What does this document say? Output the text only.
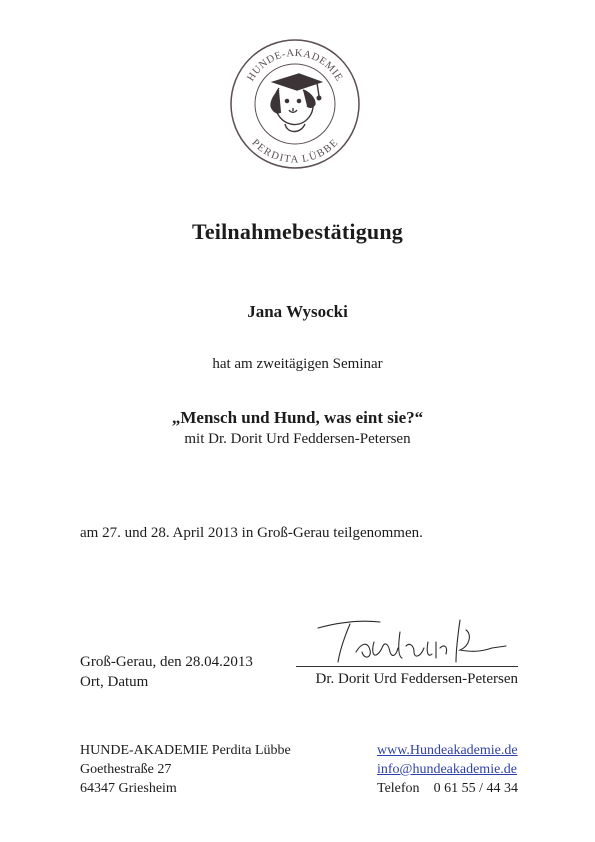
HUNDE-AKADEMIE
PERDITA LÜBBE
Teilnahmebestätigung
Jana Wysocki
hat am zweitägigen Seminar
„Mensch und Hund, was eint sie?“
mit Dr. Dorit Urd Feddersen-Petersen
am 27. und 28. April 2013 in Groß-Gerau teilgenommen.
Groß-Gerau, den 28.04.2013
Ort, Datum	Dr. Dorit Urd Feddersen-Petersen
HUNDE-AKADEMIE Perdita Lübbe
Goethestraße 27
64347 Griesheim
www.Hundeakademie.de
info@hundeakademie.de
Telefon 0 61 55 / 44 34
